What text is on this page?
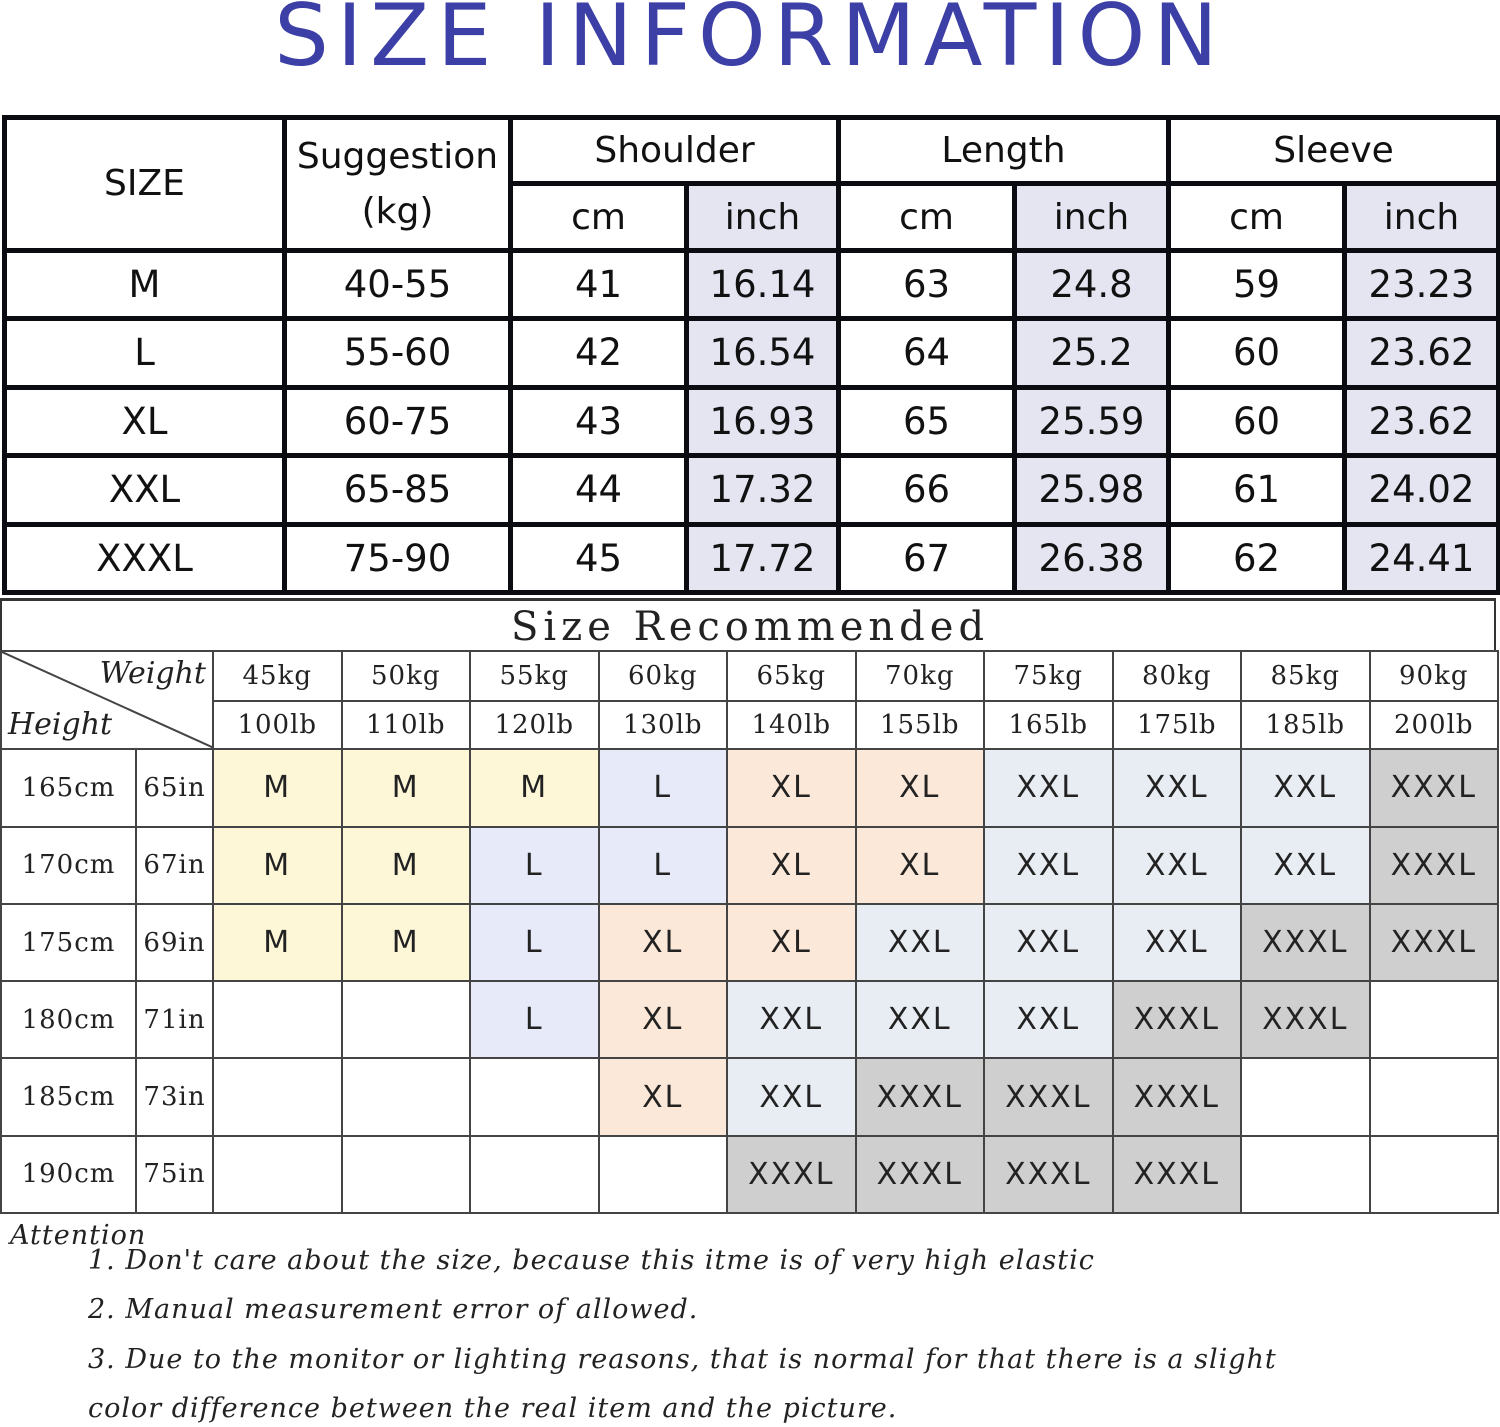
SIZE INFORMATION
SIZE	Suggestion
(kg)	Shoulder		Length		Sleeve	
		cm	inch	cm	inch	cm	inch
M	40-55	41	16.14	63	24.8	59	23.23
L	55-60	42	16.54	64	25.2	60	23.62
XL	60-75	43	16.93	65	25.59	60	23.62
XXL	65-85	44	17.32	66	25.98	61	24.02
XXXL	75-90	45	17.72	67	26.38	62	24.41
Size Recommended
Weight
Height		45kg	50kg	55kg	60kg	65kg	70kg	75kg	80kg	85kg	90kg
		100lb	110lb	120lb	130lb	140lb	155lb	165lb	175lb	185lb	200lb
165cm	65in	M	M	M	L	XL	XL	XXL	XXL	XXL	XXXL
170cm	67in	M	M	L	L	XL	XL	XXL	XXL	XXL	XXXL
175cm	69in	M	M	L	XL	XL	XXL	XXL	XXL	XXXL	XXXL
180cm	71in			L	XL	XXL	XXL	XXL	XXXL	XXXL	
185cm	73in				XL	XXL	XXXL	XXXL	XXXL		
190cm	75in					XXXL	XXXL	XXXL	XXXL		
Attention
1. Don't care about the size, because this itme is of very high elastic
2. Manual measurement error of allowed.
3. Due to the monitor or lighting reasons, that is normal for that there is a slight
color difference between the real item and the picture.
